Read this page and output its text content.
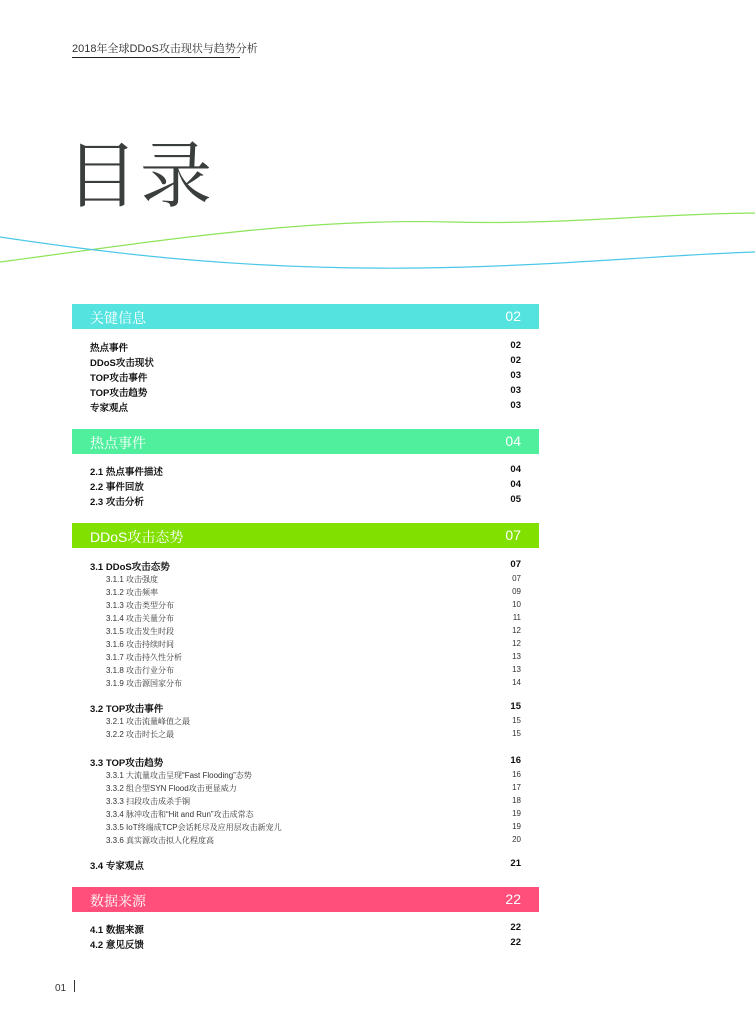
2018年全球DDoS攻击现状与趋势分析
目录
关键信息	02
热点事件	02
DDoS攻击现状	02
TOP攻击事件	03
TOP攻击趋势	03
专家观点	03
热点事件	04
2.1 热点事件描述	04
2.2 事件回放	04
2.3 攻击分析	05
DDoS攻击态势	07
3.1 DDoS攻击态势	07
3.1.1 攻击强度	07
3.1.2 攻击频率	09
3.1.3 攻击类型分布	10
3.1.4 攻击关量分布	11
3.1.5 攻击发生时段	12
3.1.6 攻击持续时间	12
3.1.7 攻击持久性分析	13
3.1.8 攻击行业分布	13
3.1.9 攻击源国家分布	14
3.2 TOP攻击事件	15
3.2.1 攻击流量峰值之最	15
3.2.2 攻击时长之最	15
3.3 TOP攻击趋势	16
3.3.1 大流量攻击呈现“Fast Flooding”态势	16
3.3.2 组合型SYN Flood攻击更显威力	17
3.3.3 扫段攻击成杀手锏	18
3.3.4 脉冲攻击和“Hit and Run”攻击成常态	19
3.3.5 IoT终端成TCP会话耗尽及应用层攻击新宠儿	19
3.3.6 真实源攻击拟人化程度高	20
3.4 专家观点	21
数据来源	22
4.1 数据来源	22
4.2 意见反馈	22
01
